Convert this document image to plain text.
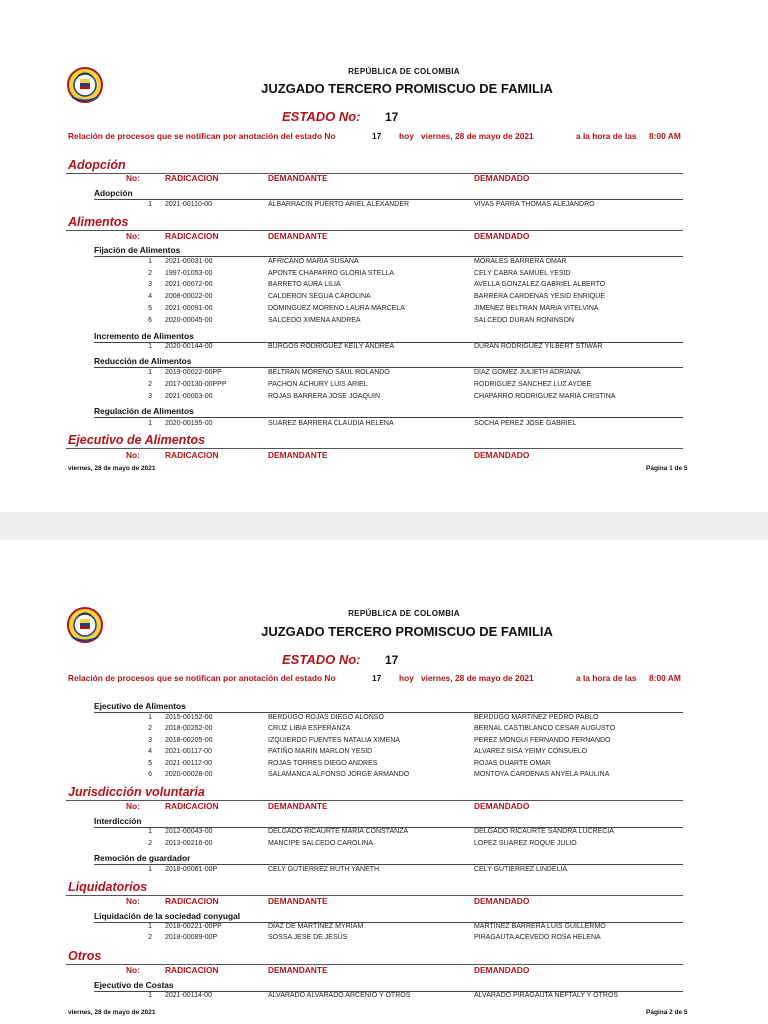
REPÚBLICA DE COLOMBIA
JUZGADO TERCERO PROMISCUO DE FAMILIA
ESTADO No: 17
Relación de procesos que se notifican por anotación del estado No	17 hoy viernes, 28 de mayo de 2021	a la hora de las 8:00 AM
viernes, 28 de mayo de 2021	Página 1 de 5
REPÚBLICA DE COLOMBIA
JUZGADO TERCERO PROMISCUO DE FAMILIA
ESTADO No: 17
Relación de procesos que se notifican por anotación del estado No	17 hoy viernes, 28 de mayo de 2021	a la hora de las 8:00 AM
viernes, 28 de mayo de 2021	Página 2 de 5
Adopción
No:	RADICACION	DEMANDANTE	DEMANDADO
Adopción
1 2021-00110-00	ALBARRACIN PUERTO ARIEL ALEXANDER	VIVAS PARRA THOMAS ALEJANDRO
Alimentos
No:	RADICACION	DEMANDANTE	DEMANDADO
Fijación de Alimentos
1 2021-00031-00	AFRICANO MARIA SUSANA	MORALES BARRERA OMAR
2 1997-01053-00	APONTE CHAPARRO GLORIA STELLA	CELY CABRA SAMUEL YESID
3 2021-00072-00	BARRETO AURA LILIA	AVELLA GONZALEZ GABRIEL ALBERTO
4 2008-00022-00	CALDERON SEGUA CAROLINA	BARRERA CARDENAS YESID ENRIQUE
5 2021-00091-00	DOMINGUEZ MORENO LAURA MARCELA	JIMENEZ BELTRAN MARIA VITELVINA
6 2020-00045-00	SALCEDO XIMENA ANDREA	SALCEDO DURAN RONINSON
Incremento de Alimentos
1 2020-00144-00	BURGOS RODRIGUEZ KEILY ANDREA	DURAN RODRIGUEZ YILBERT STIWAR
Reducción de Alimentos
1 2019-00022-00PP	BELTRAN MORENO SAUL ROLANDO	DÍAZ GÓMEZ JULIETH ADRIANA
2 2017-00130-00PPP	PACHON ACHURY LUIS ARIEL	RODRIGUEZ SANCHEZ LUZ AYDEE
3 2021-00003-00	ROJAS BARRERA JOSE JOAQUIN	CHAPARRO RODRIGUEZ MARIA CRISTINA
Regulación de Alimentos
1 2020-00195-00	SUAREZ BARRERA CLAUDIA HELENA	SOCHA PEREZ JOSE GABRIEL
Ejecutivo de Alimentos
No:	RADICACION	DEMANDANTE	DEMANDADO
Ejecutivo de Alimentos
1 2015-00152-00	BERDUGO ROJAS DIEGO ALONSO	BERDUGO MARTINEZ PEDRO PABLO
2 2018-00252-00	CRUZ LIBIA ESPERANZA	BERNAL CASTIBLANCO CESAR AUGUSTO
3 2018-00205-00	IZQUIERDO FUENTES NATALIA XIMENA	PEREZ MONGUI FERNANDO FERNANDO
4 2021-00117-00	PATIÑO MARIN MARLON YESID	ALVAREZ SISA YEIMY CONSUELO
5 2021-00112-00	ROJAS TORRES DIEGO ANDRES	ROJAS DUARTE OMAR
6 2020-00028-00	SALAMANCA ALFONSO JORGE ARMANDO	MONTOYA CARDENAS ANYELA PAULINA
Jurisdicción voluntaria
No:	RADICACION	DEMANDANTE	DEMANDADO
Interdicción
1 2012-00043-00	DELGADO RICAURTE MARIA CONSTANZA	DELGADO RICAURTE SANDRA LUCRECIA
2 2013-00216-00	MANCIPE SALCEDO CAROLINA	LOPEZ SUAREZ ROQUE JULIO
Remoción de guardador
1 2018-00061-00P	CELY GUTIERREZ RUTH YANETH	CELY GUTIERREZ LINDELIA
Liquidatorios
No:	RADICACION	DEMANDANTE	DEMANDADO
Liquidación de la sociedad conyugal
1 2018-00221-00PP	DÍAZ DE MARTÍNEZ MYRIAM	MARTÍNEZ BARRERA LUIS GUILLERMO
2 2018-00089-00P	SOSSA JESE DE JESÚS	PIRAGAUTA ACEVEDO ROSA HELENA
Otros
No:	RADICACION	DEMANDANTE	DEMANDADO
Ejecutivo de Costas
1 2021-00114-00	ALVARADO ALVARADO ARCENIO Y OTROS	ALVARADO PIRAGAUTA NEFTALY Y OTROS
